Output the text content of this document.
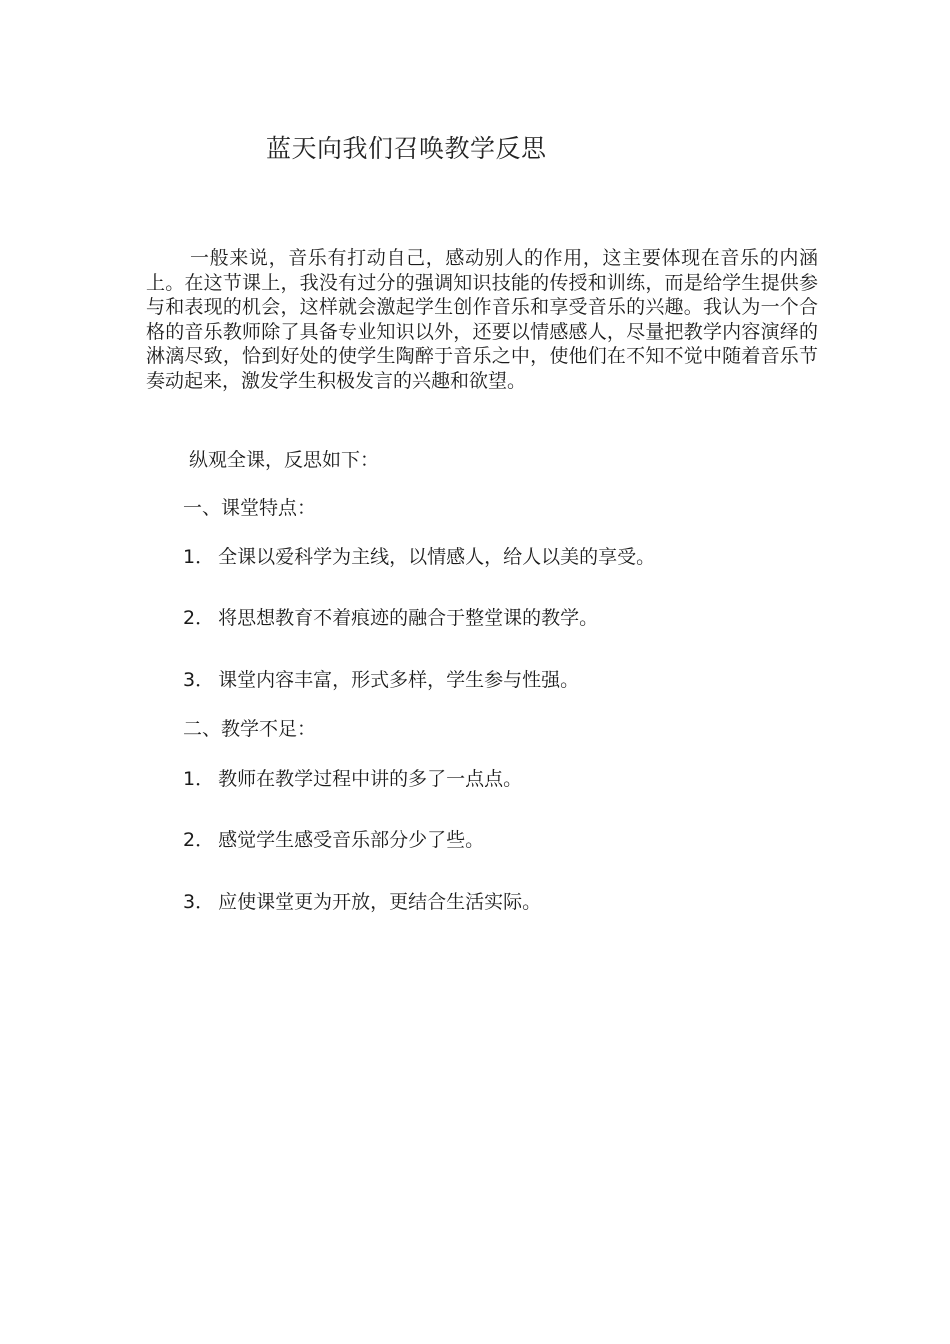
蓝天向我们召唤教学反思

一般来说，音乐有打动自己，感动别人的作用，这主要体现在音乐的内涵上。在这节课上，我没有过分的强调知识技能的传授和训练，而是给学生提供参与和表现的机会，这样就会激起学生创作音乐和享受音乐的兴趣。我认为一个合格的音乐教师除了具备专业知识以外，还要以情感感人，尽量把教学内容演绎的淋漓尽致，恰到好处的使学生陶醉于音乐之中，使他们在不知不觉中随着音乐节奏动起来，激发学生积极发言的兴趣和欲望。

纵观全课，反思如下：
一、课堂特点：
1． 全课以爱科学为主线，以情感人，给人以美的享受。
2． 将思想教育不着痕迹的融合于整堂课的教学。
3． 课堂内容丰富，形式多样，学生参与性强。
二、教学不足：
1． 教师在教学过程中讲的多了一点点。
2． 感觉学生感受音乐部分少了些。
3． 应使课堂更为开放，更结合生活实际。
